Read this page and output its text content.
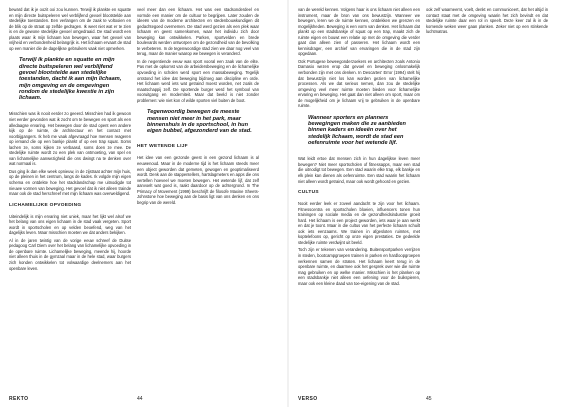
beward dat ik je oozit ooi zou kunnen. Terwijl ik plankte en squatte en mijn directe buitspeleren wel verblijfend gevoel blootstelde aan stedelijke toestanden. Een verlangen om de zaak te voltooien en de blik op de straat op zelfde gedragen. Ik weet niet wat er te zien is en de gewone stedelijke gevoel omgedraaid. De stad wordt een plaats waar ik mijn lichaam kan bewegen, waar het gevoel van vrijheid en verbondenheid belangrijk is. Het lichaam ervaart de stad op een manier die de dagelijkse gebruikers vaak niet opmerken.

Terwijl ik plankte en squatte en mijn directe buitspeleren wel verblijfend gevoel blootstelde aan stedelijke toestanden, dacht ik aan mijn lichaam, mijn omgeving en de omgevingen rondom de stedelijke kwestie in zijn lichaam.

Misschien was ik nooit eerder zo geeerd. Misschien had ik gewoon niet eerder gevonden wat ik zocht om te bewegen en sport als een alledaagse ervaring. Het bewegen door de stad opent een andere kijk op de ruimte, de architectuur en het contact met voorbijgangers. Ik heb me vaak afgevraagd hoe mensen reageren op iemand die op een bankje plankt of op een trap squat. Soms lachen ze, soms kijken ze verbaasd, soms doen ze mee. De stedelijke ruimte wordt zo een plek van ontmoeting, van spel en van lichamelijke aanwezigheid die ons dwingt na te denken over wat normaal is.

Dus ging ik dan elke week opnieuw, in de zijstraat achter mijn huis, op de pleinen in het centrum, langs de kades. Ik volgde mijn eigen schema en ontdekte hoe het stadslandschap me uitnodigde tot nieuwe vormen van beweging. Het gevoel dat ik niet alleen trainde maar ook de stad herschreef met mijn lichaam was overweldigend.

LICHAMELIJKE OPVOEDING

Uiteindelijk is mijn ervaring niet uniek, maar het lijkt wel alsof we het belang van ons eigen lichaam in de stad vaak vergeten. Sport wordt in sportscholen en op velden beoefend, weg van het dagelijks leven. Maar misschien moeten we dat anders bekijken.

Al in de jaren twintig van de vorige eeuw schreef de Duitse pedagoog Carl Diem over het belang van lichamelijke opvoeding in de openbare ruimte. Lichamelijke beweging, meende hij, hoorde niet alleen thuis in de gymzaal maar in de hele stad, waar burgers zich konden ontwikkelen tot volwaardige deelnemers aan het openbare leven.

veel meer dan een lichaam. Het was een stadsonderdeel en vormde een manier om de cultuur te begrijpen. Later zouden de ideeën van de moderne architecten en stedenbouwkundigen dit gedachtegoed overnemen. De stad werd gezien als een plek waar lichaam en geest samenkomen, waar het individu zich door beweging kan ontwikkelen. Parken, sportvelden en brede boulevards werden ontworpen om de gezondheid van de bevolking te verbeteren. In de tegenwoordige stad zien we daar nog veel van terug, maar de manier waarop we bewegen is veranderd.

In de negentiende eeuw was sport vooral een zaak van de elite. Pas met de opkomst van de arbeidersbeweging en de lichamelijke opvoeding in scholen werd sport een massabeweging. Tegelijk ontstond het idee dat beweging bijdroeg aan discipline en orde. Het lichaam werd iets wat getraind moest worden, net zoals de maatschappij zelf. De sportende burger werd het symbool van vooruitgang en moderniteit. Maar dat beeld is niet zonder problemen: wie niet kon of wilde sporten viel buiten de boot.

Tegenwoordig bewegen de meeste mensen niet meer in het park, maar binnenshuis in de sportschool, in hun eigen bubbel, afgezonderd van de stad.
HET WETENDE LIJF

Het idee van een gezonde geest in een gezond lichaam is al eeuwenoud. Maar in de moderne tijd is het lichaam steeds meer een object geworden dat gemeten, gewogen en geoptimaliseerd wordt. Denk aan de stappentellers, hartslagmeters en apps die ons vertellen hoeveel we moeten bewegen. Het wetende lijf, dat zelf aanvoelt wat goed is, raakt daardoor op de achtergrond. In The Primacy of Movement (1999) beschrijft de filosofe Maxine Sheets-Johnstone hoe beweging aan de basis ligt van ons denken en ons begrip van de wereld.

REKTO	44

van de wereld kennen. Volgens haar is ons lichaam niet alleen een instrument, maar de bron van ons bewustzijn. Wanneer we bewegen, leren we de ruimte kennen, ontdekken we grenzen en mogelijkheden. Beweging is een vorm van denken. Het lichaam dat plankt op een stadsbankje of squat op een trap, maakt zich de ruimte eigen en bouwt een relatie op met de omgeving die verder gaat dan alleen zien of passeren. Het lichaam wordt een kennisdrager, een archief van ervaringen die in de stad zijn opgedaan.

Ook Portugese beweegonderzoekers en architecten zoals Antonio Damasio wezen erop dat gevoel en beweging onlosmakelijk verbonden zijn met ons denken. In Descartes' Error (1994) stelt hij dat bewustzijn niet los kan worden gezien van lichamelijke processen. Als we dat serieus nemen, dan zou de stedelijke omgeving veel meer ruimte moeten bieden voor lichamelijke ervaring en beweging. Het gaat dan niet alleen om sport, maar om de mogelijkheid om je lichaam vrij te gebruiken in de openbare ruimte.

Wanneer sporters en planners bewegingen maken die ze aanbieden binnen kaders en ideeën over het stedelijk lichaam, wordt de stad een oefenruimte voor het wetende lijf.

Wat leidt ertoe dat mensen zich in hun dagelijkse leven meer bewegen? Niet meer sportscholen of fitnessapps, maar een stad die uitnodigt tot bewegen. Een stad waarin elke trap, elk bankje en elk plein kan dienen als oefenruimte. Een stad waarin het lichaam niet alleen wordt getraind, maar ook wordt gehoord en gezien.

CULTUS

Nooit eerder leek er zoveel aandacht te zijn voor het lichaam. Fitnesscentra en sportscholen bloeien, influencers tonen hun trainingen op sociale media en de gezondheidsindustrie groeit hard. Het lichaam is een project geworden, iets waar je aan werkt en dat je toont. Maar in die cultus van het perfecte lichaam schuilt ook iets eenzaams. We trainen in afgesloten ruimtes, met koptelefoons op, gericht op onze eigen prestaties. De gedeelde stedelijke ruimte verdwijnt uit beeld.

Toch zijn er tekenen van verandering. Buitensportparken verrijzen in steden, bootcampgroepen trainen in parken en hardloopgroepen verkennen samen de straten. Het lichaam keert terug in de openbare ruimte, en daarmee ook het gesprek over wie die ruimte mag gebruiken en op welke manier. Misschien is het planken op een stadsbankje niet alleen een oefening voor de buikspieren, maar ook een kleine daad van toe-eigening van de stad.

ook zelf waarneemt, voelt, denkt en communiceert, dat het altijd in contact staat met de omgeving waarin het zich bevindt en dat stedelijke ruimte daar een rol in speelt. Deze keer zal ik in de komende weken weer gaan planken. Zeker niet op een stinkende luchtmatras.

VERSO	45
